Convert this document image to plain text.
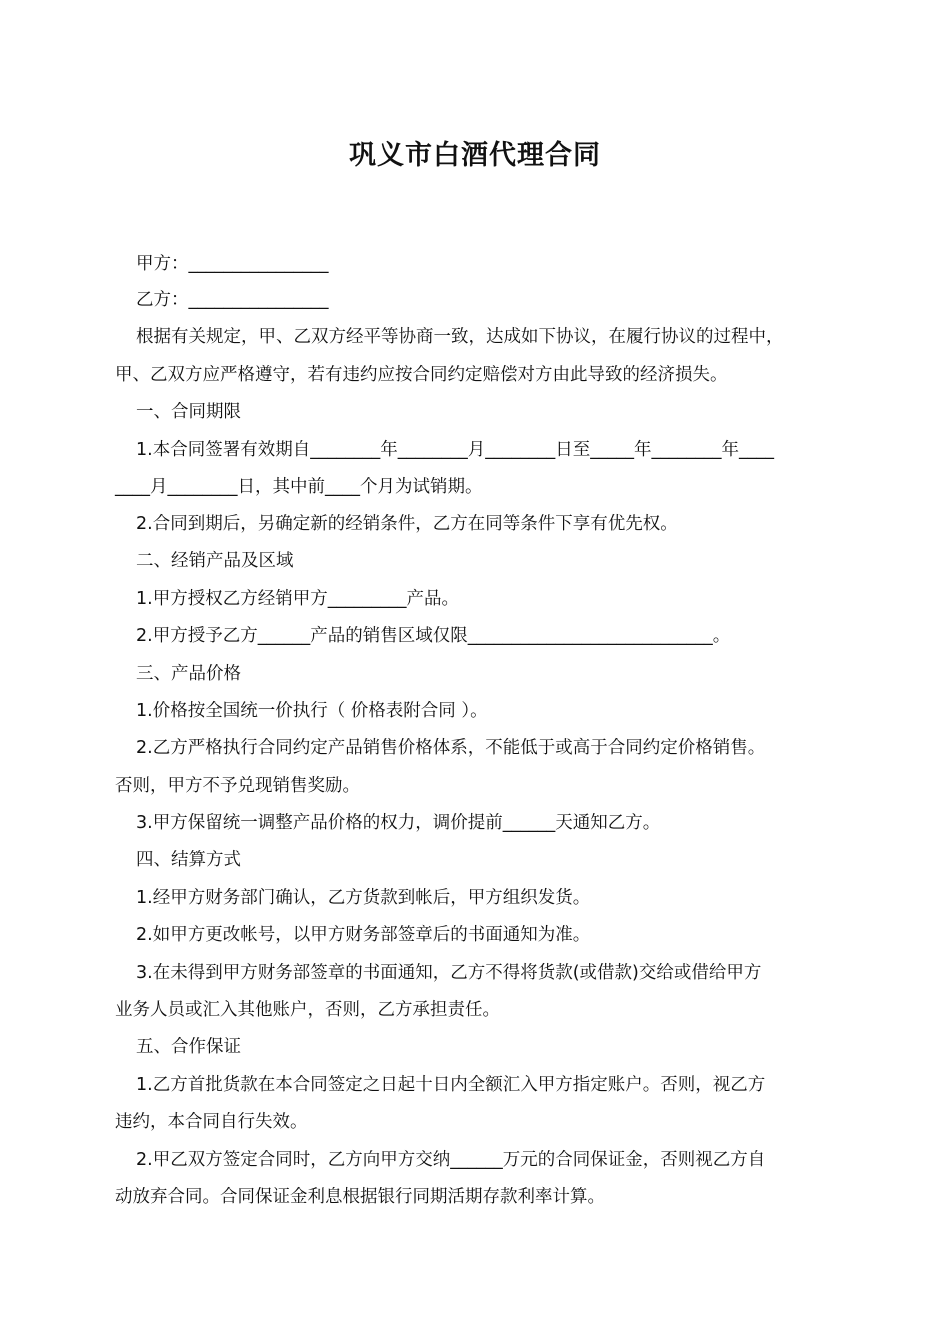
巩义市白酒代理合同

甲方：________________

乙方：________________

根据有关规定，甲、乙双方经平等协商一致，达成如下协议，在履行协议的过程中，

甲、乙双方应严格遵守，若有违约应按合同约定赔偿对方由此导致的经济损失。

一、合同期限

1.本合同签署有效期自________年________月________日至_____年________年____

____月________日，其中前____个月为试销期。

2.合同到期后，另确定新的经销条件，乙方在同等条件下享有优先权。

二、经销产品及区域

1.甲方授权乙方经销甲方_________产品。

2.甲方授予乙方______产品的销售区域仅限____________________________。

三、产品价格

1.价格按全国统一价执行（ 价格表附合同 ）。

2.乙方严格执行合同约定产品销售价格体系，不能低于或高于合同约定价格销售。

否则，甲方不予兑现销售奖励。

3.甲方保留统一调整产品价格的权力，调价提前______天通知乙方。

四、结算方式

1.经甲方财务部门确认，乙方货款到帐后，甲方组织发货。

2.如甲方更改帐号，以甲方财务部签章后的书面通知为准。

3.在未得到甲方财务部签章的书面通知，乙方不得将货款(或借款)交给或借给甲方

业务人员或汇入其他账户，否则，乙方承担责任。

五、合作保证

1.乙方首批货款在本合同签定之日起十日内全额汇入甲方指定账户。否则，视乙方

违约，本合同自行失效。

2.甲乙双方签定合同时，乙方向甲方交纳______万元的合同保证金，否则视乙方自

动放弃合同。合同保证金利息根据银行同期活期存款利率计算。
